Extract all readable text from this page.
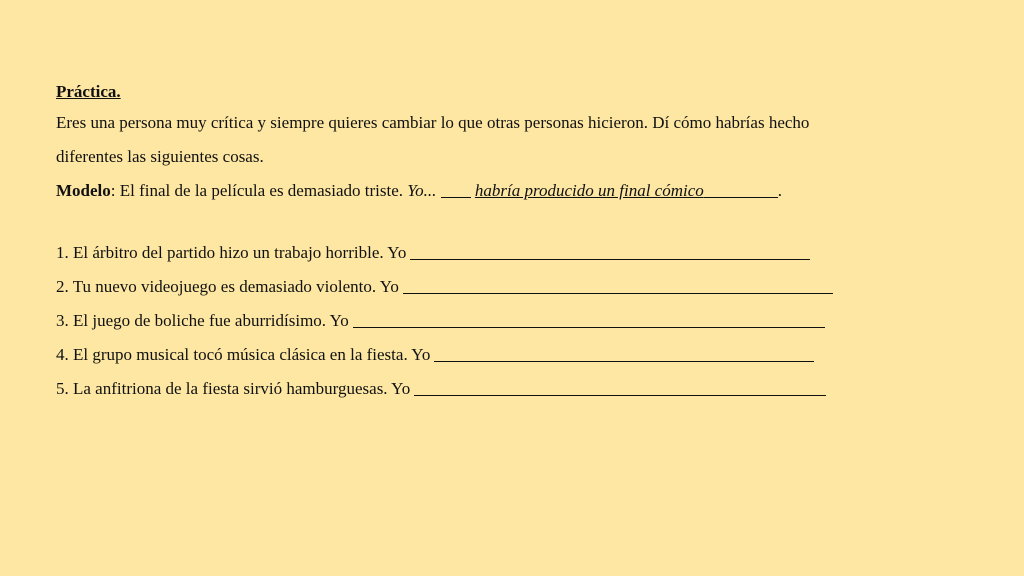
Práctica.
Eres una persona muy crítica y siempre quieres cambiar lo que otras personas hicieron. Dí cómo habrías hecho
diferentes las siguientes cosas.
Modelo: El final de la película es demasiado triste. Yo... habría producido un final cómico	.
1. El árbitro del partido hizo un trabajo horrible. Yo
2. Tu nuevo videojuego es demasiado violento. Yo
3. El juego de boliche fue aburridísimo. Yo
4. El grupo musical tocó música clásica en la fiesta. Yo
5. La anfitriona de la fiesta sirvió hamburguesas. Yo
